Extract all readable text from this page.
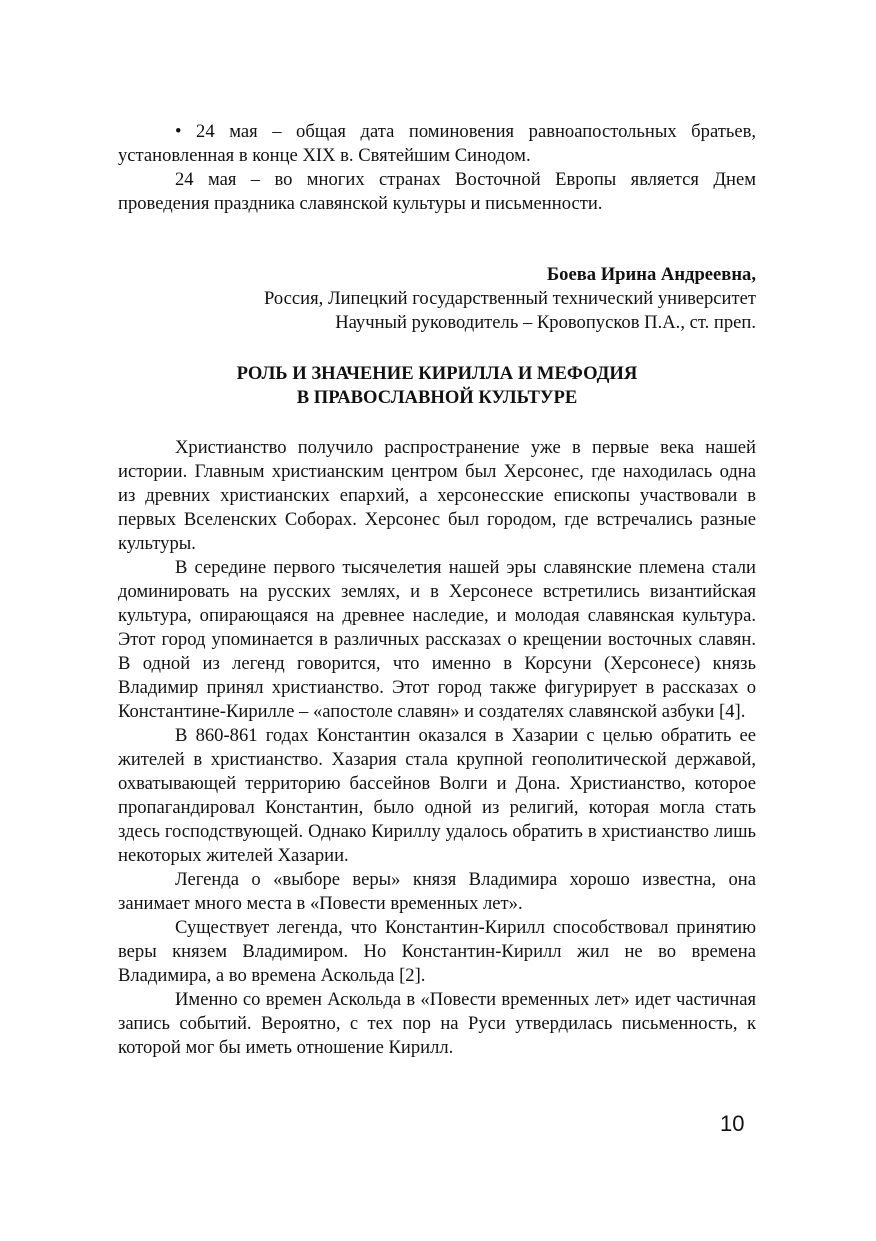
• 24 мая – общая дата поминовения равноапостольных братьев, установленная в конце XIX в. Святейшим Синодом.

24 мая – во многих странах Восточной Европы является Днем проведения праздника славянской культуры и письменности.

Боева Ирина Андреевна,
Россия, Липецкий государственный технический университет
Научный руководитель – Кровопусков П.А., ст. преп.
РОЛЬ И ЗНАЧЕНИЕ КИРИЛЛА И МЕФОДИЯ
В ПРАВОСЛАВНОЙ КУЛЬТУРЕ

Христианство получило распространение уже в первые века нашей истории. Главным христианским центром был Херсонес, где находилась одна из древних христианских епархий, а херсонесские епископы участвовали в первых Вселенских Соборах. Херсонес был городом, где встречались разные культуры.

В середине первого тысячелетия нашей эры славянские племена стали доминировать на русских землях, и в Херсонесе встретились византийская культура, опирающаяся на древнее наследие, и молодая славянская культура. Этот город упоминается в различных рассказах о крещении восточных славян. В одной из легенд говорится, что именно в Корсуни (Херсонесе) князь Владимир принял христианство. Этот город также фигурирует в рассказах о Константине-Кирилле – «апостоле славян» и создателях славянской азбуки [4].

В 860-861 годах Константин оказался в Хазарии с целью обратить ее жителей в христианство. Хазария стала крупной геополитической державой, охватывающей территорию бассейнов Волги и Дона. Христианство, которое пропагандировал Константин, было одной из религий, которая могла стать здесь господствующей. Однако Кириллу удалось обратить в христианство лишь некоторых жителей Хазарии.

Легенда о «выборе веры» князя Владимира хорошо известна, она занимает много места в «Повести временных лет».

Существует легенда, что Константин-Кирилл способствовал принятию веры князем Владимиром. Но Константин-Кирилл жил не во времена Владимира, а во времена Аскольда [2].

Именно со времен Аскольда в «Повести временных лет» идет частичная запись событий. Вероятно, с тех пор на Руси утвердилась письменность, к которой мог бы иметь отношение Кирилл.

10
